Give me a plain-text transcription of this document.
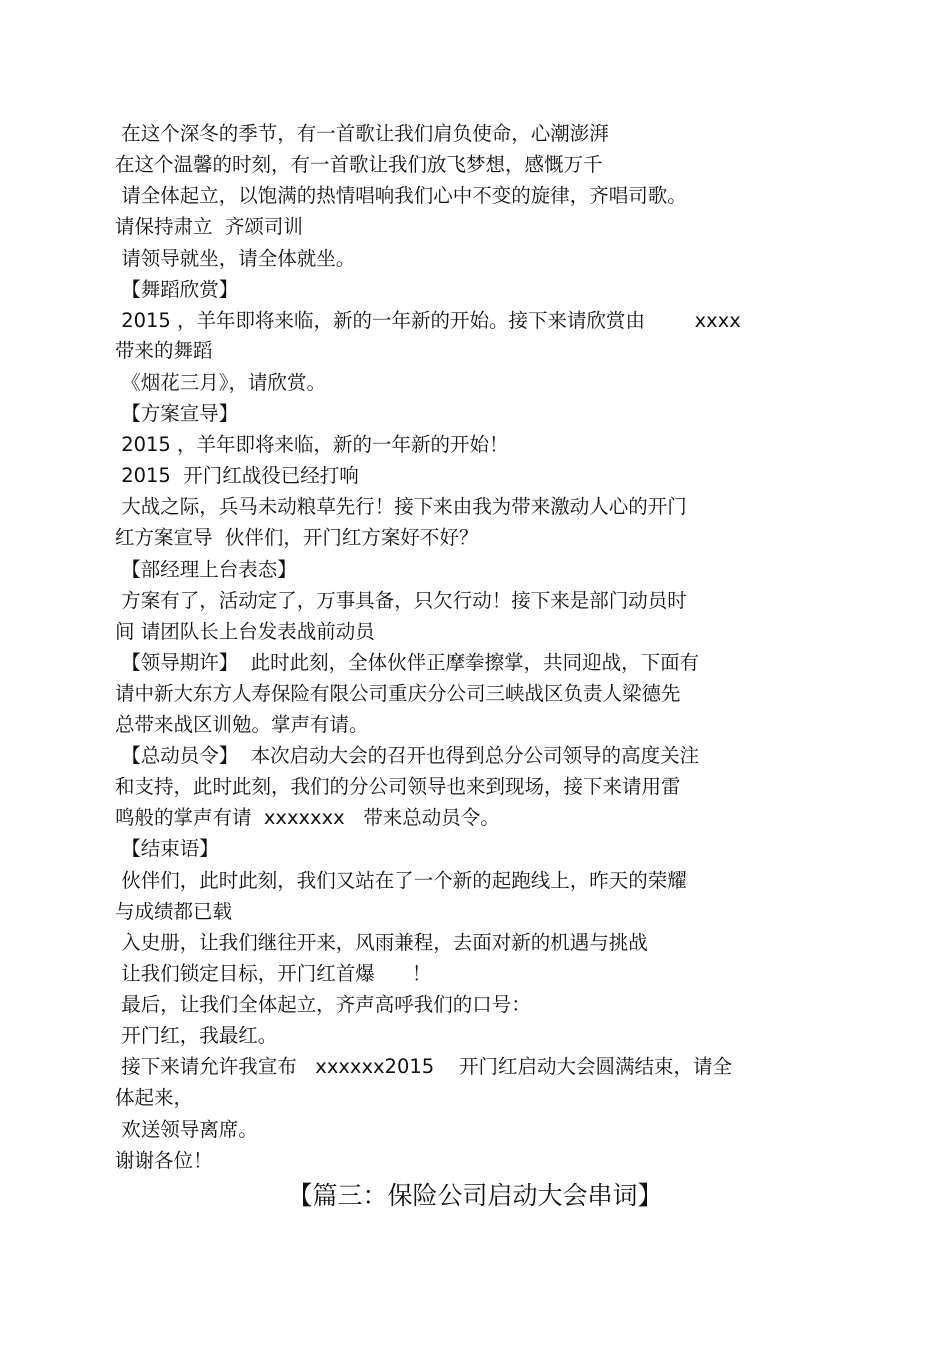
在这个深冬的季节，有一首歌让我们肩负使命，心潮澎湃
在这个温馨的时刻，有一首歌让我们放飞梦想，感慨万千
请全体起立，以饱满的热情唱响我们心中不变的旋律，齐唱司歌。
请保持肃立  齐颂司训
请领导就坐，请全体就坐。
【舞蹈欣赏】
2015 ，羊年即将来临，新的一年新的开始。接下来请欣赏由        xxxx
带来的舞蹈
《烟花三月》，请欣赏。
【方案宣导】
2015 ，羊年即将来临，新的一年新的开始！
2015  开门红战役已经打响
大战之际，兵马未动粮草先行！接下来由我为带来激动人心的开门
红方案宣导  伙伴们，开门红方案好不好？
【部经理上台表态】
方案有了，活动定了，万事具备，只欠行动！接下来是部门动员时
间 请团队长上台发表战前动员
【领导期许】  此时此刻，全体伙伴正摩拳擦掌，共同迎战，下面有
请中新大东方人寿保险有限公司重庆分公司三峡战区负责人梁德先
总带来战区训勉。掌声有请。
【总动员令】  本次启动大会的召开也得到总分公司领导的高度关注
和支持，此时此刻，我们的分公司领导也来到现场，接下来请用雷
鸣般的掌声有请  xxxxxxx   带来总动员令。
【结束语】
伙伴们，此时此刻，我们又站在了一个新的起跑线上，昨天的荣耀
与成绩都已载
入史册，让我们继往开来，风雨兼程，去面对新的机遇与挑战
让我们锁定目标，开门红首爆      ！
最后，让我们全体起立，齐声高呼我们的口号：
开门红，我最红。
接下来请允许我宣布   xxxxxx2015    开门红启动大会圆满结束，请全
体起来，
欢送领导离席。
谢谢各位！
【篇三：保险公司启动大会串词】
